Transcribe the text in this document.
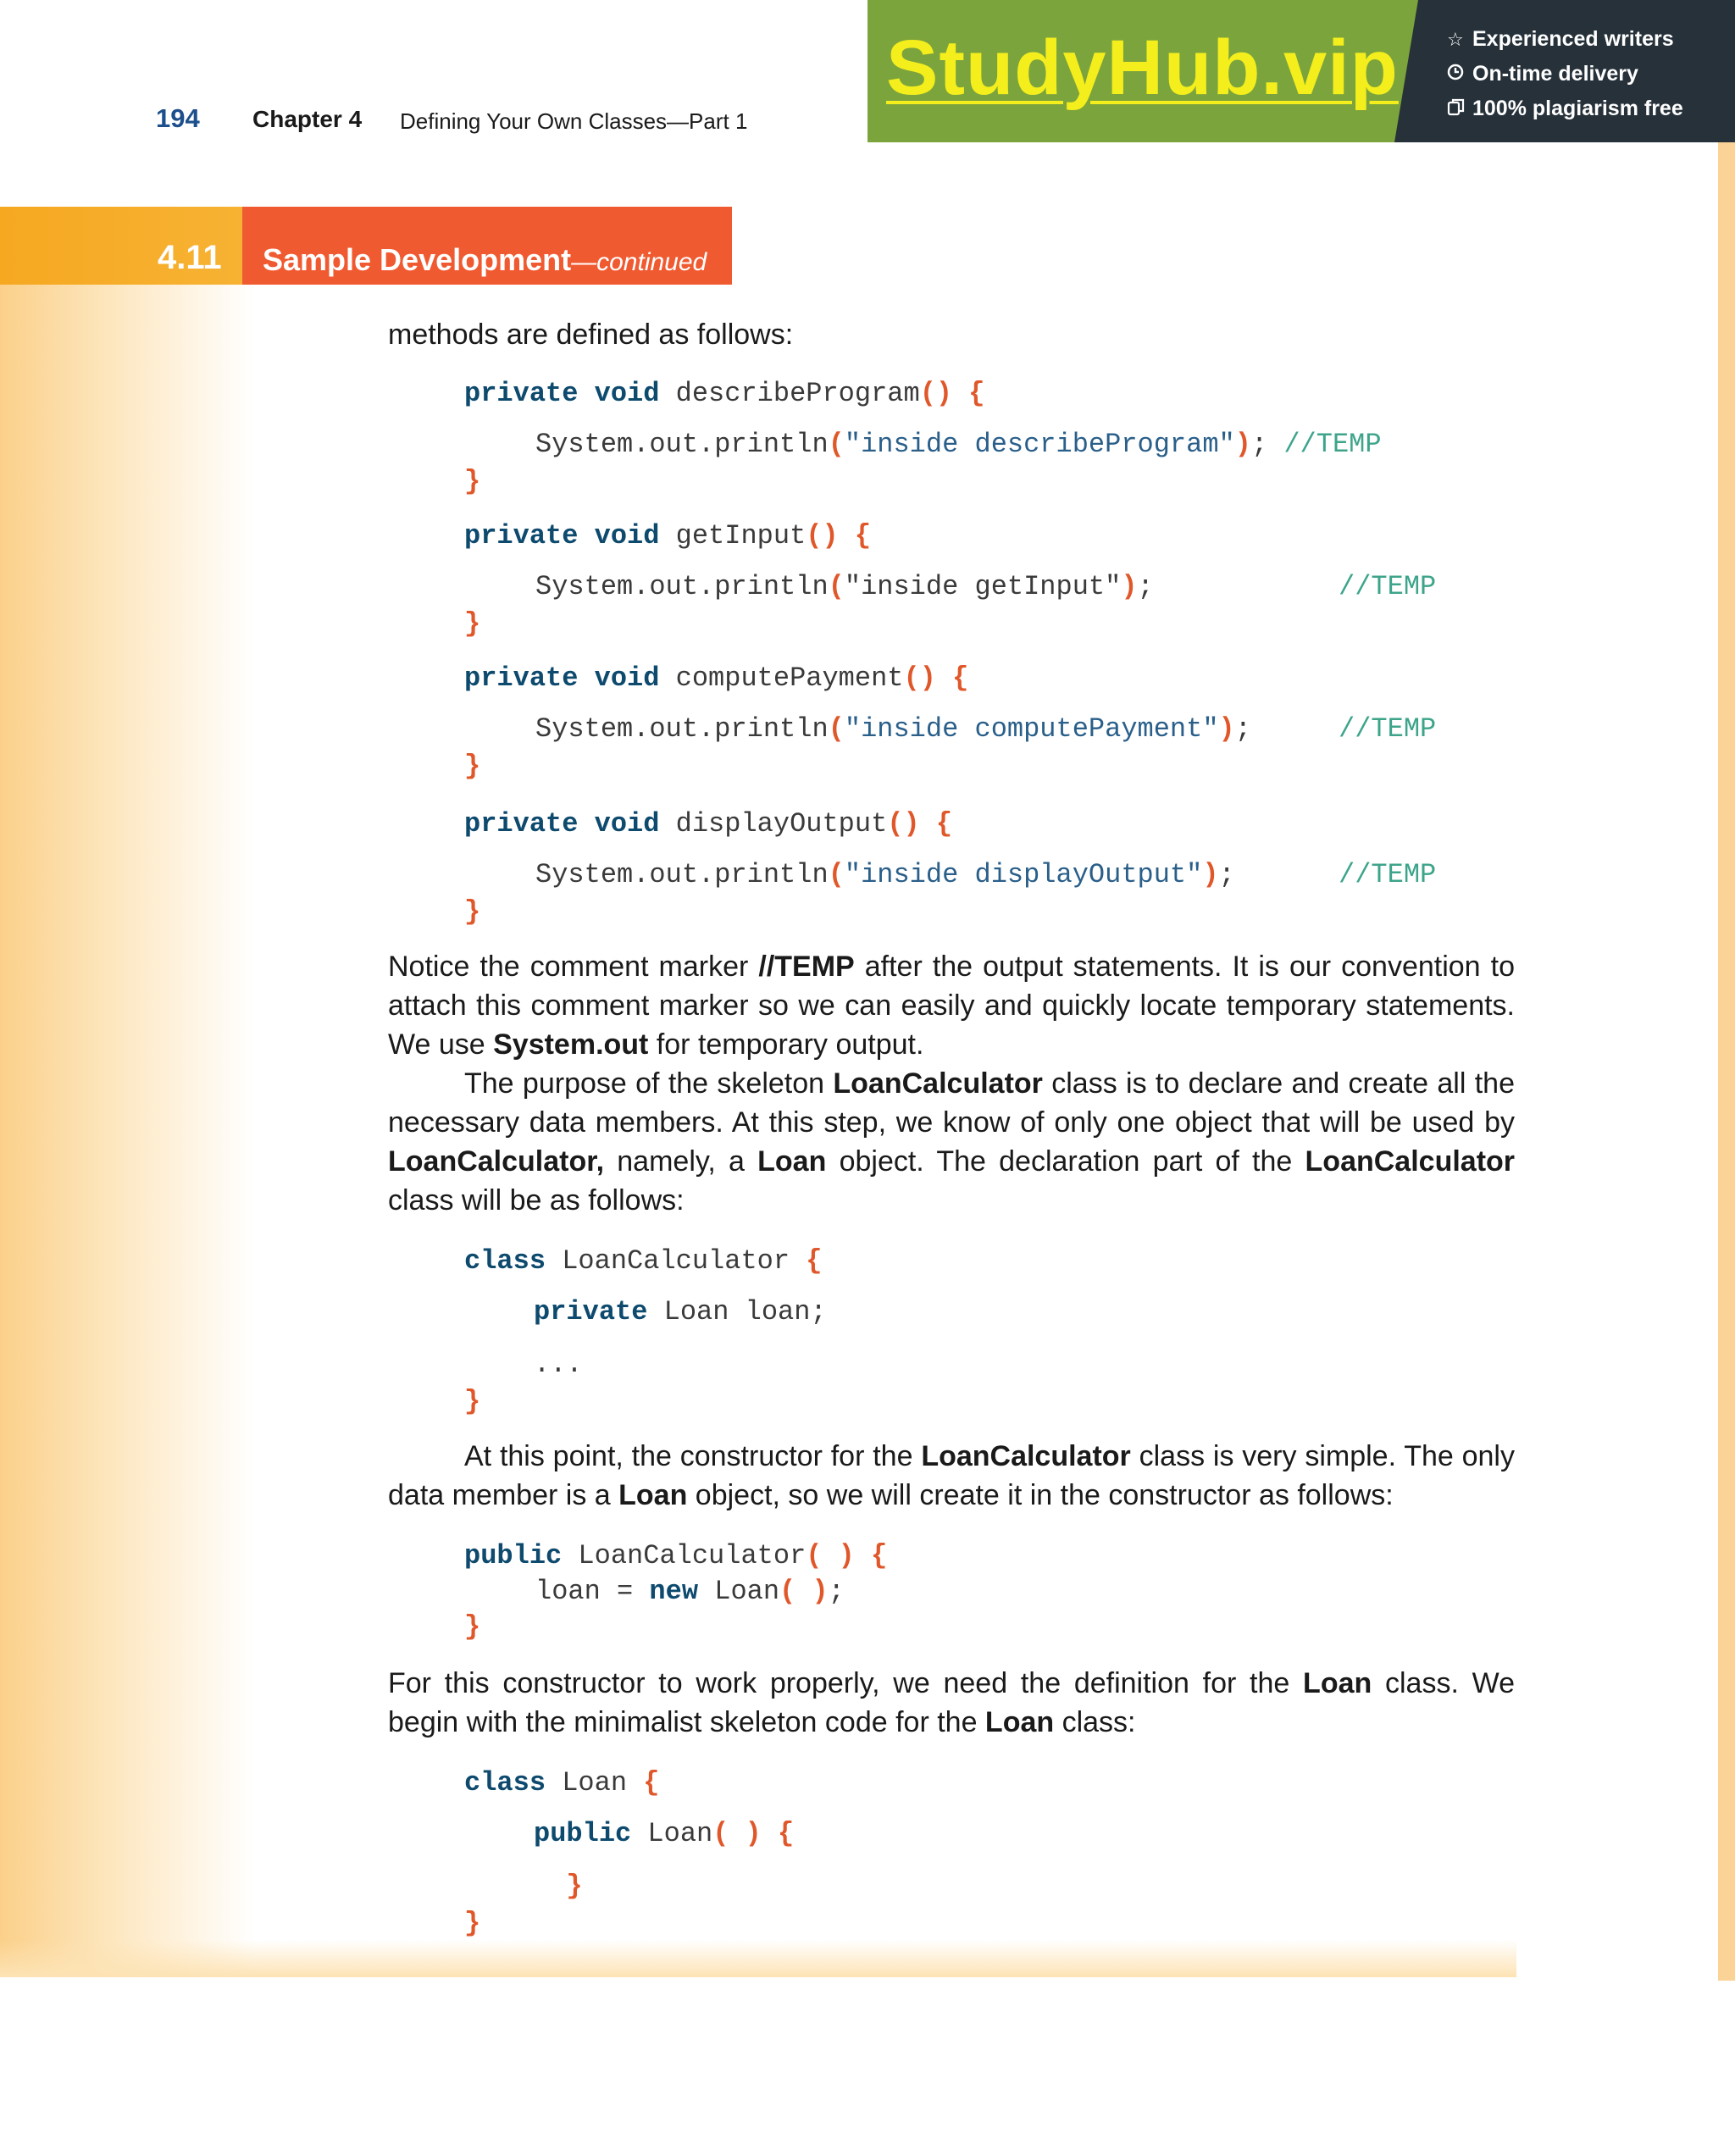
194 Chapter 4 Defining Your Own Classes—Part 1
StudyHub.vip	☆ Experienced writers
On-time delivery
100% plagiarism free
4.11 Sample Development—continued
methods are defined as follows:
private void describeProgram() {
System.out.println("inside describeProgram"); //TEMP
}
private void getInput() {
System.out.println("inside getInput");	//TEMP
}
private void computePayment() {
System.out.println("inside computePayment");	//TEMP
}
private void displayOutput() {
System.out.println("inside displayOutput");	//TEMP
}
Notice the comment marker //TEMP after the output statements. It is our convention to attach this comment marker so we can easily and quickly locate temporary statements. We use System.out for temporary output.
The purpose of the skeleton LoanCalculator class is to declare and create all the necessary data members. At this step, we know of only one object that will be used by LoanCalculator, namely, a Loan object. The declaration part of the LoanCalculator class will be as follows:
class LoanCalculator {
private Loan loan;
...
}
At this point, the constructor for the LoanCalculator class is very simple. The only data member is a Loan object, so we will create it in the constructor as follows:
public LoanCalculator( ) {
loan = new Loan( );
}
For this constructor to work properly, we need the definition for the Loan class. We begin with the minimalist skeleton code for the Loan class:
class Loan {
public Loan( ) {
}
}
